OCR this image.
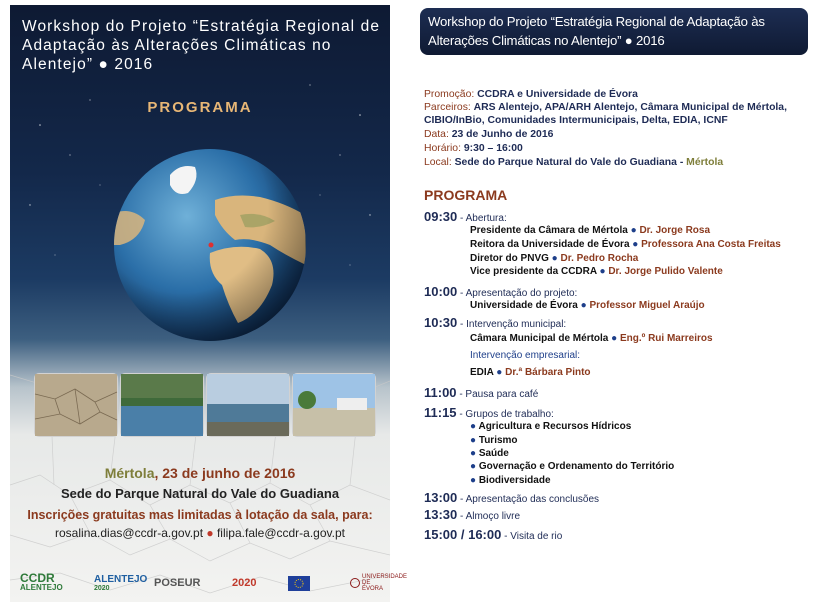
Workshop do Projeto “Estratégia Regional de Adaptação às Alterações Climáticas no Alentejo” ● 2016
PROGRAMA
Mértola, 23 de junho de 2016
Sede do Parque Natural do Vale do Guadiana
Inscrições gratuitas mas limitadas à lotação da sala, para:
rosalina.dias@ccdr-a.gov.pt ● filipa.fale@ccdr-a.gov.pt
CCDR
ALENTEJO
ALENTEJO
2020	POSEUR	2020	UNIVERSIDADE DE ÉVORA
Workshop do Projeto “Estratégia Regional de Adaptação às Alterações Climáticas no Alentejo” ● 2016
Promoção: CCDRA e Universidade de Évora
Parceiros: ARS Alentejo, APA/ARH Alentejo, Câmara Municipal de Mértola, CIBIO/InBio, Comunidades Intermunicipais, Delta, EDIA, ICNF
Data: 23 de Junho de 2016
Horário: 9:30 – 16:00
Local: Sede do Parque Natural do Vale do Guadiana - Mértola
PROGRAMA
09:30 - Abertura:
Presidente da Câmara de Mértola ● Dr. Jorge Rosa
Reitora da Universidade de Évora ● Professora Ana Costa Freitas
Diretor do PNVG ● Dr. Pedro Rocha
Vice presidente da CCDRA ● Dr. Jorge Pulido Valente
10:00 - Apresentação do projeto:
Universidade de Évora ● Professor Miguel Araújo
10:30 - Intervenção municipal:
Câmara Municipal de Mértola ● Eng.º Rui Marreiros
Intervenção empresarial:
EDIA ● Dr.ª Bárbara Pinto
11:00 - Pausa para café
11:15 - Grupos de trabalho:
● Agricultura e Recursos Hídricos
● Turismo
● Saúde
● Governação e Ordenamento do Território
● Biodiversidade
13:00 - Apresentação das conclusões
13:30 - Almoço livre
15:00 / 16:00 - Visita de rio
